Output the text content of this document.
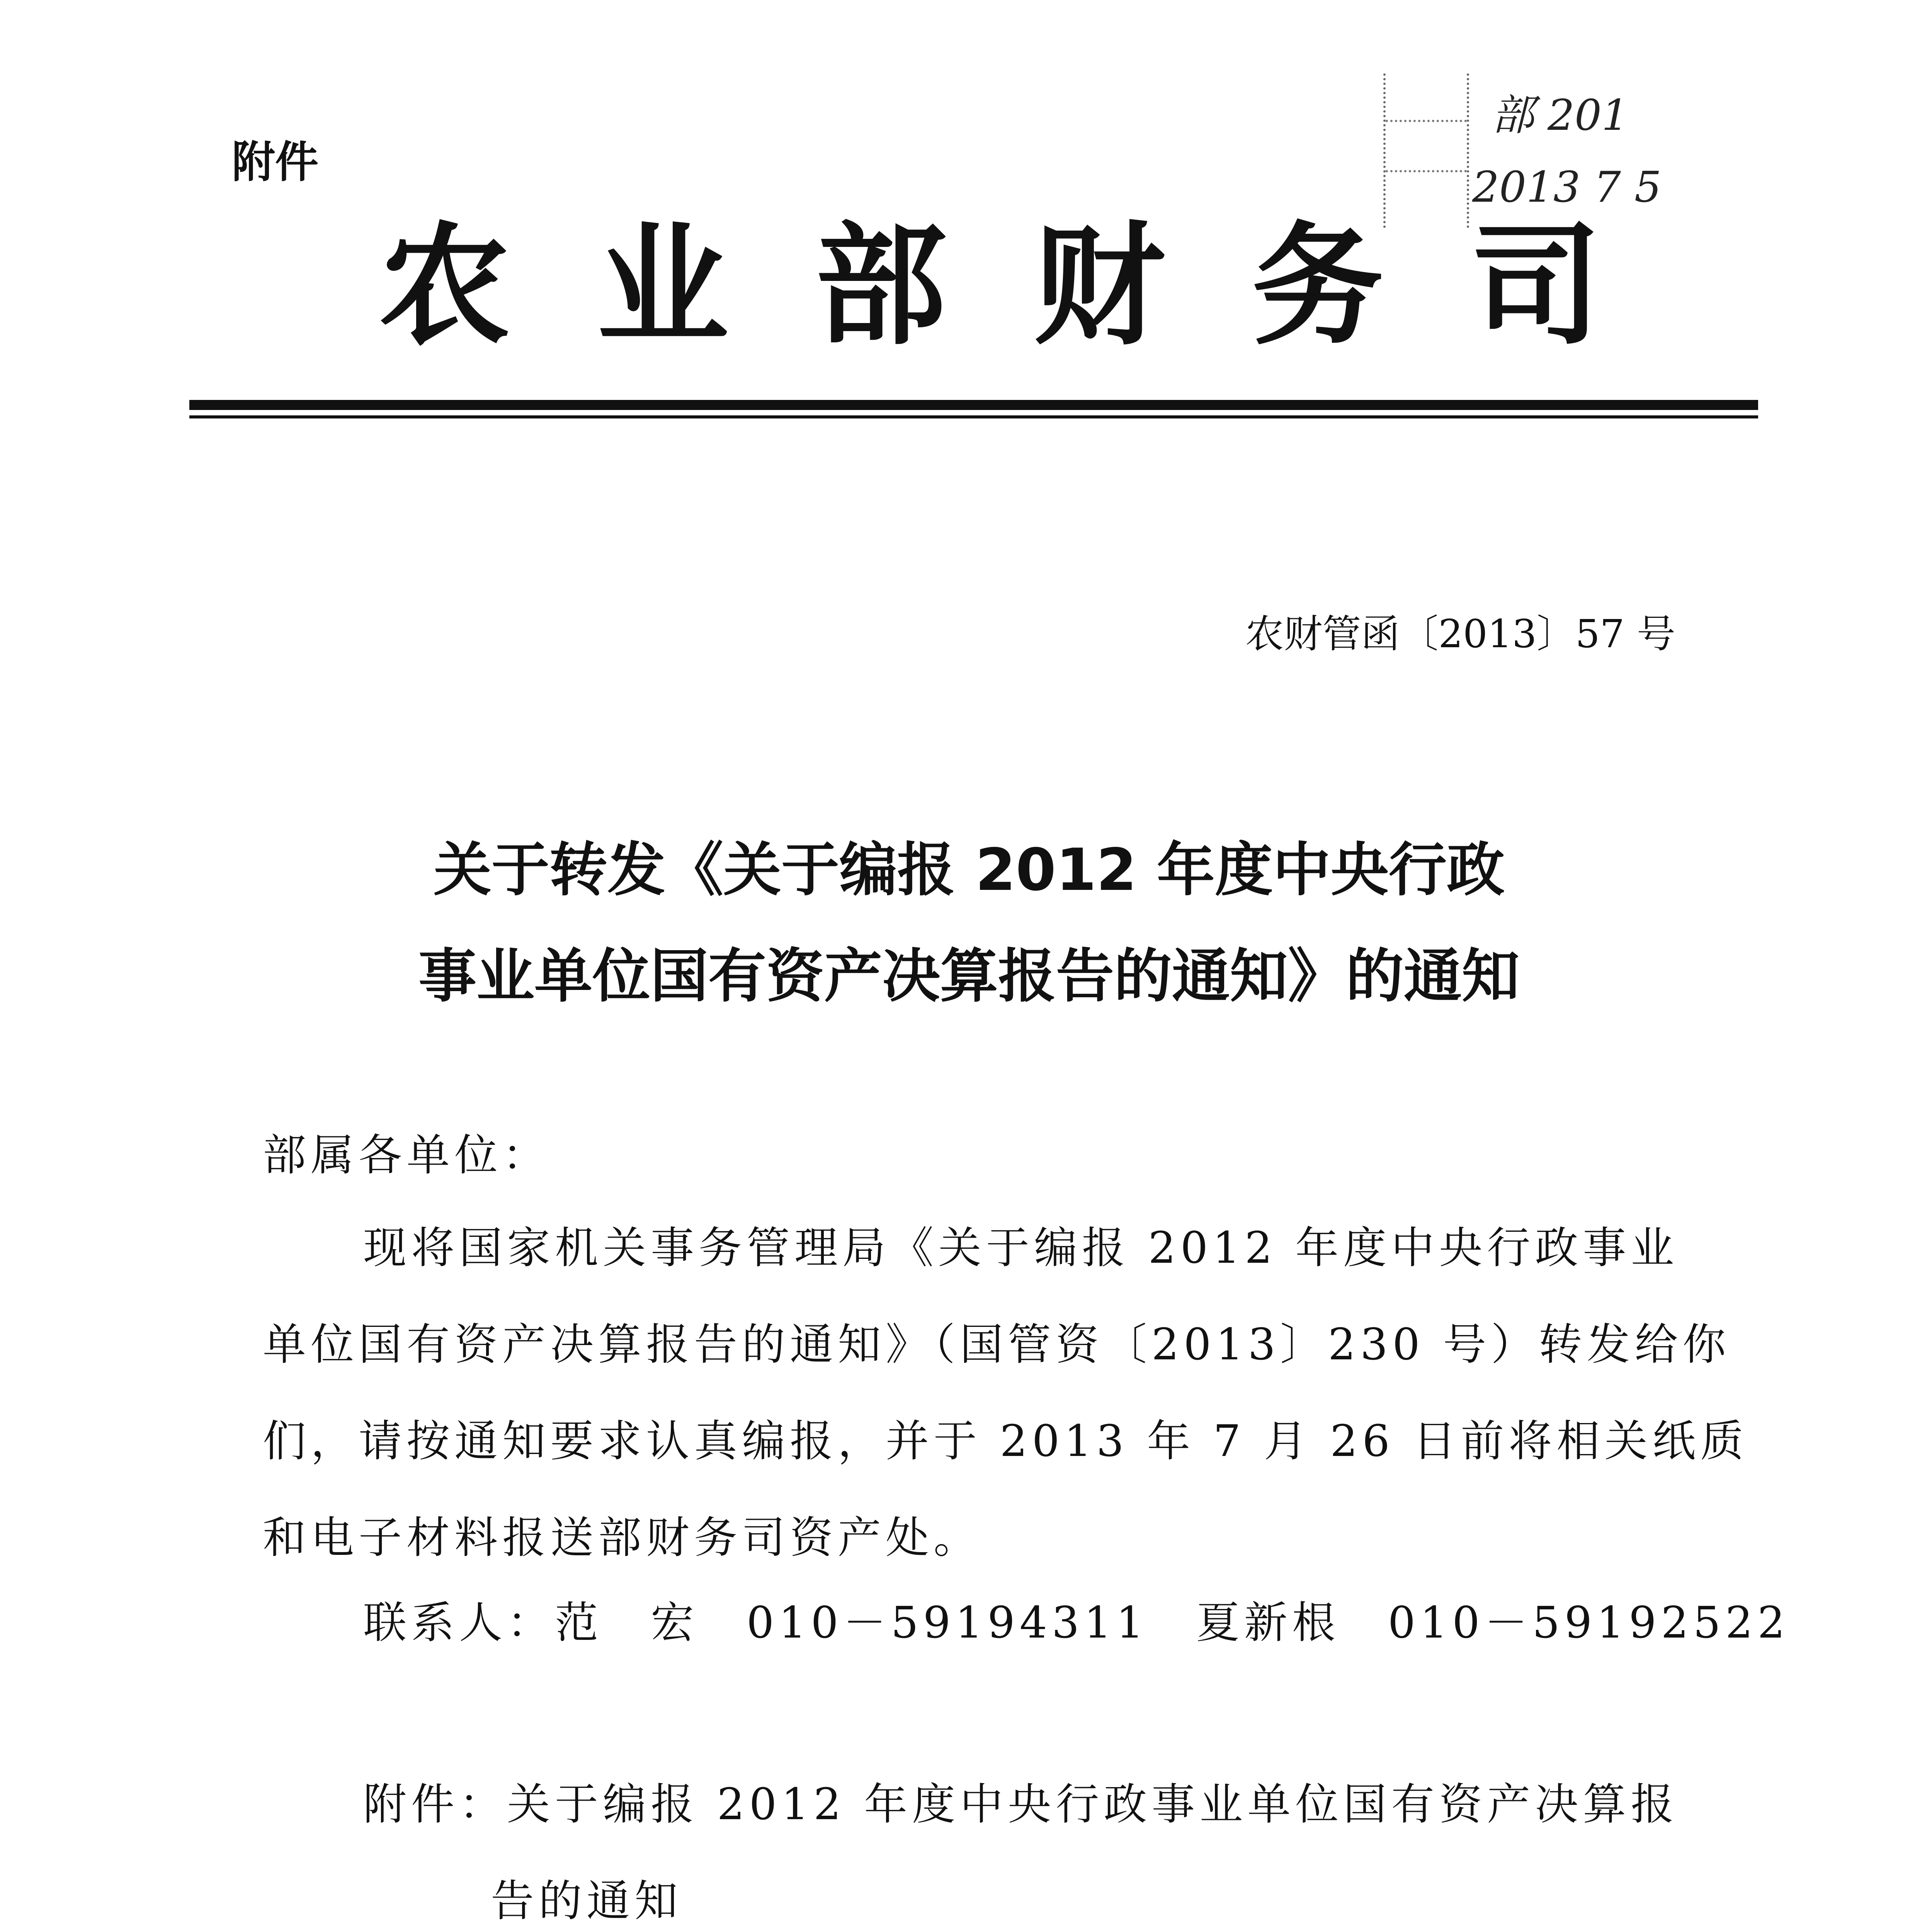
附件
部 201
2013 7 5
农业部财务司
农财管函〔2013〕57 号
关于转发《关于编报 2012 年度中央行政
事业单位国有资产决算报告的通知》的通知
部属各单位：
现将国家机关事务管理局《关于编报 2012 年度中央行政事业
单位国有资产决算报告的通知》（国管资〔2013〕230 号）转发给你
们，请按通知要求认真编报，并于 2013 年 7 月 26 日前将相关纸质
和电子材料报送部财务司资产处。
联系人：范　宏　010－59194311　夏新根　010－59192522
附件：关于编报 2012 年度中央行政事业单位国有资产决算报
告的通知
